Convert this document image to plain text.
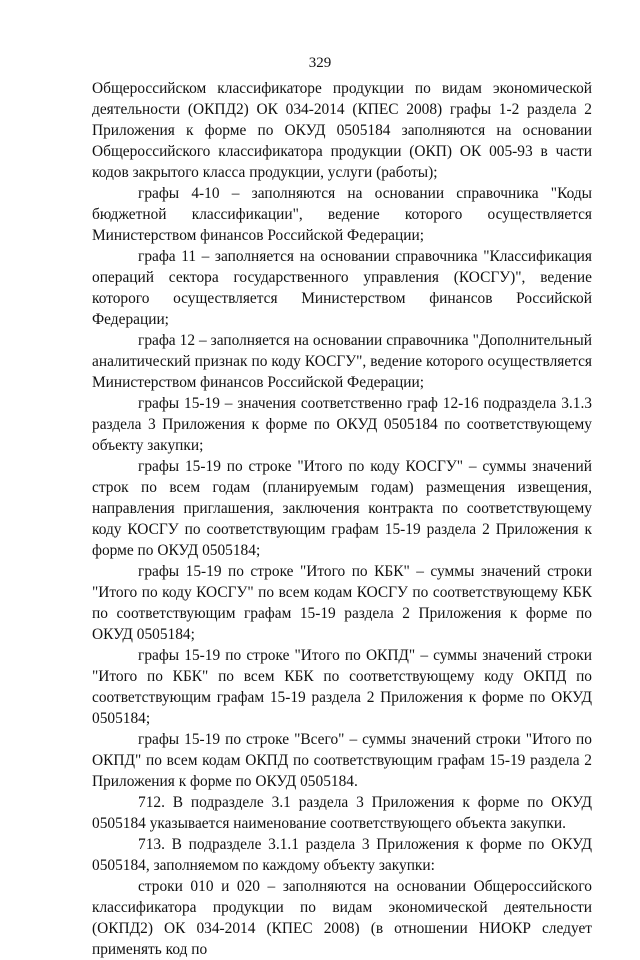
329

Общероссийском классификаторе продукции по видам экономической деятельности (ОКПД2) ОК 034-2014 (КПЕС 2008) графы 1-2 раздела 2 Приложения к форме по ОКУД 0505184 заполняются на основании Общероссийского классификатора продукции (ОКП) ОК 005-93 в части кодов закрытого класса продукции, услуги (работы);

графы 4-10 – заполняются на основании справочника "Коды бюджетной классификации", ведение которого осуществляется Министерством финансов Российской Федерации;

графа 11 – заполняется на основании справочника "Классификация операций сектора государственного управления (КОСГУ)", ведение которого осуществляется Министерством финансов Российской Федерации;

графа 12 – заполняется на основании справочника "Дополнительный аналитический признак по коду КОСГУ", ведение которого осуществляется Министерством финансов Российской Федерации;

графы 15-19 – значения соответственно граф 12-16 подраздела 3.1.3 раздела 3 Приложения к форме по ОКУД 0505184 по соответствующему объекту закупки;

графы 15-19 по строке "Итого по коду КОСГУ" – суммы значений строк по всем годам (планируемым годам) размещения извещения, направления приглашения, заключения контракта по соответствующему коду КОСГУ по соответствующим графам 15-19 раздела 2 Приложения к форме по ОКУД 0505184;

графы 15-19 по строке "Итого по КБК" – суммы значений строки "Итого по коду КОСГУ" по всем кодам КОСГУ по соответствующему КБК по соответствующим графам 15-19 раздела 2 Приложения к форме по ОКУД 0505184;

графы 15-19 по строке "Итого по ОКПД" – суммы значений строки "Итого по КБК" по всем КБК по соответствующему коду ОКПД по соответствующим графам 15-19 раздела 2 Приложения к форме по ОКУД 0505184;

графы 15-19 по строке "Всего" – суммы значений строки "Итого по ОКПД" по всем кодам ОКПД по соответствующим графам 15-19 раздела 2 Приложения к форме по ОКУД 0505184.

712. В подразделе 3.1 раздела 3 Приложения к форме по ОКУД 0505184 указывается наименование соответствующего объекта закупки.

713. В подразделе 3.1.1 раздела 3 Приложения к форме по ОКУД 0505184, заполняемом по каждому объекту закупки:

строки 010 и 020 – заполняются на основании Общероссийского классификатора продукции по видам экономической деятельности (ОКПД2) ОК 034-2014 (КПЕС 2008) (в отношении НИОКР следует применять код по
